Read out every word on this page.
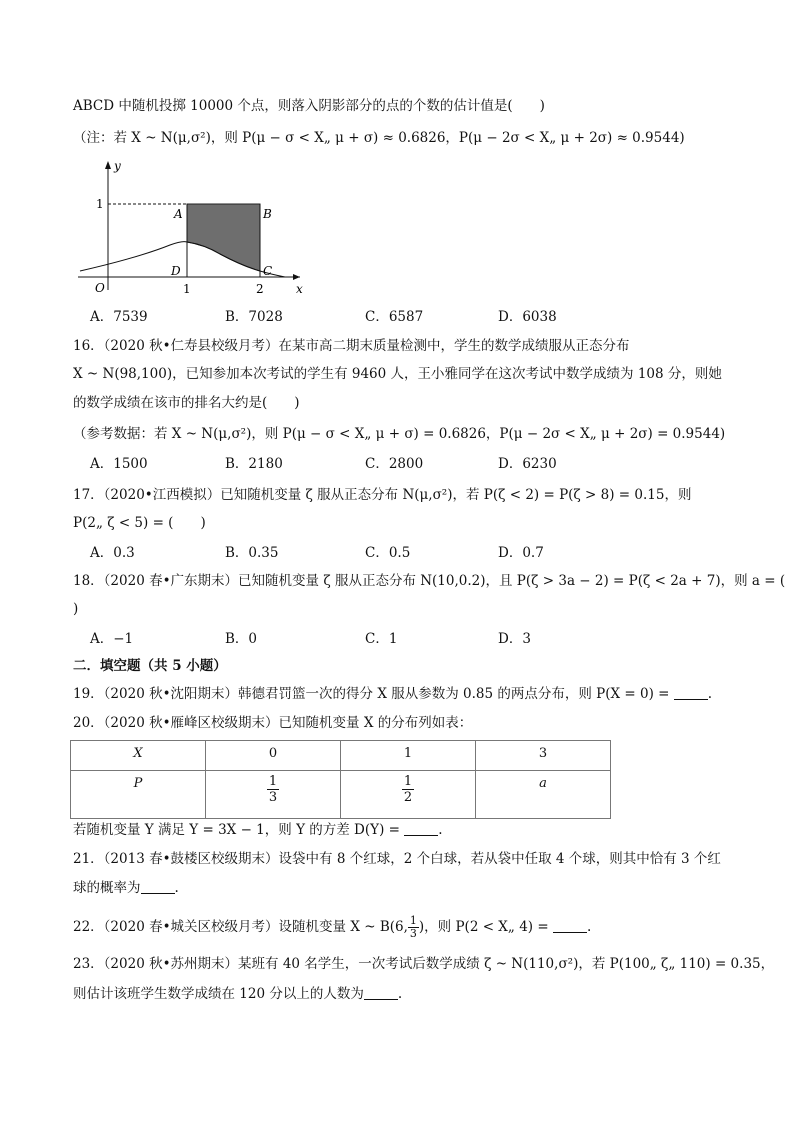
ABCD 中随机投掷 10000 个点，则落入阴影部分的点的个数的估计值是(　　)
（注：若 X ~ N(μ,σ²)，则 P(μ − σ < X„ μ + σ) ≈ 0.6826，P(μ − 2σ < X„ μ + 2σ) ≈ 0.9544)
y
x
O
1
1	2
A	B
C
D
A．7539	B．7028	C．6587	D．6038
16．（2020 秋•仁寿县校级月考）在某市高二期末质量检测中，学生的数学成绩服从正态分布
X ~ N(98,100)，已知参加本次考试的学生有 9460 人，王小雅同学在这次考试中数学成绩为 108 分，则她
的数学成绩在该市的排名大约是(　　)
（参考数据：若 X ~ N(μ,σ²)，则 P(μ − σ < X„ μ + σ) = 0.6826，P(μ − 2σ < X„ μ + 2σ) = 0.9544)
A．1500	B．2180	C．2800	D．6230
17．（2020•江西模拟）已知随机变量 ζ 服从正态分布 N(μ,σ²)，若 P(ζ < 2) = P(ζ > 8) = 0.15，则
P(2„ ζ < 5) = (　　)
A．0.3	B．0.35	C．0.5	D．0.7
18．（2020 春•广东期末）已知随机变量 ζ 服从正态分布 N(10,0.2)，且 P(ζ > 3a − 2) = P(ζ < 2a + 7)，则 a = (
)
A．−1	B．0	C．1	D．3
二．填空题（共 5 小题）
19．（2020 秋•沈阳期末）韩德君罚篮一次的得分 X 服从参数为 0.85 的两点分布，则 P(X = 0) =	.
20．（2020 秋•雁峰区校级期末）已知随机变量 X 的分布列如表：
X	0	1	3
P	$\frac{1}{3}$	$\frac{1}{2}$	a
若随机变量 Y 满足 Y = 3X − 1，则 Y 的方差 D(Y) =	.
21．（2013 春•鼓楼区校级期末）设袋中有 8 个红球，2 个白球，若从袋中任取 4 个球，则其中恰有 3 个红
球的概率为	.
22．（2020 春•城关区校级月考）设随机变量 X ~ B(6, $\frac{1}{3}$ )，则 P(2 < X„ 4) =	.
23．（2020 秋•苏州期末）某班有 40 名学生，一次考试后数学成绩 ζ ~ N(110,σ²)，若 P(100„ ζ„ 110) = 0.35，
则估计该班学生数学成绩在 120 分以上的人数为	.
